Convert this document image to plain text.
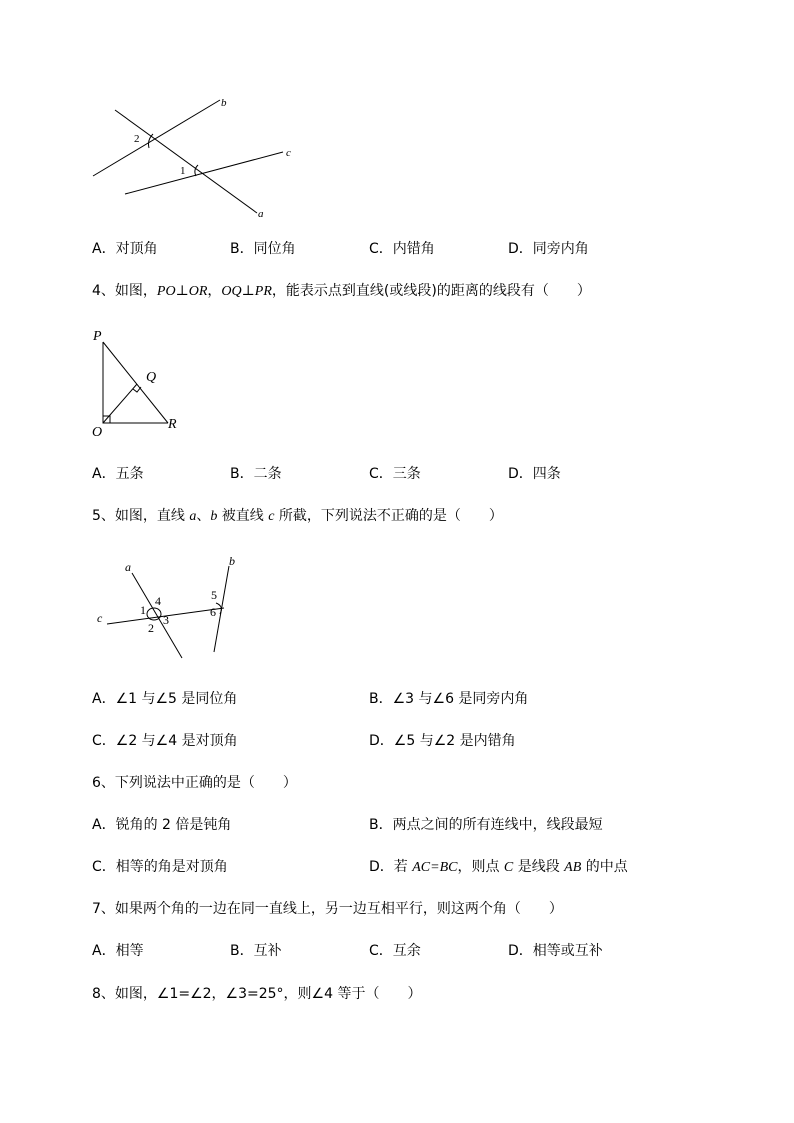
b
c
a
2
1
A．对顶角	B．同位角	C．内错角	D．同旁内角
4、如图，PO⊥OR，OQ⊥PR，能表示点到直线(或线段)的距离的线段有（　　）
P
Q
O
R
A．五条	B．二条	C．三条	D．四条
5、如图，直线 a、b 被直线 c 所截，下列说法不正确的是（　　）
a	b
c
1
4
2
3
5
6
A．∠1 与∠5 是同位角	B．∠3 与∠6 是同旁内角
C．∠2 与∠4 是对顶角	D．∠5 与∠2 是内错角
6、下列说法中正确的是（　　）
A．锐角的 2 倍是钝角	B．两点之间的所有连线中，线段最短
C．相等的角是对顶角	D．若 AC=BC，则点 C 是线段 AB 的中点
7、如果两个角的一边在同一直线上，另一边互相平行，则这两个角（　　）
A．相等	B．互补	C．互余	D．相等或互补
8、如图，∠1=∠2，∠3=25°，则∠4 等于（　　）
